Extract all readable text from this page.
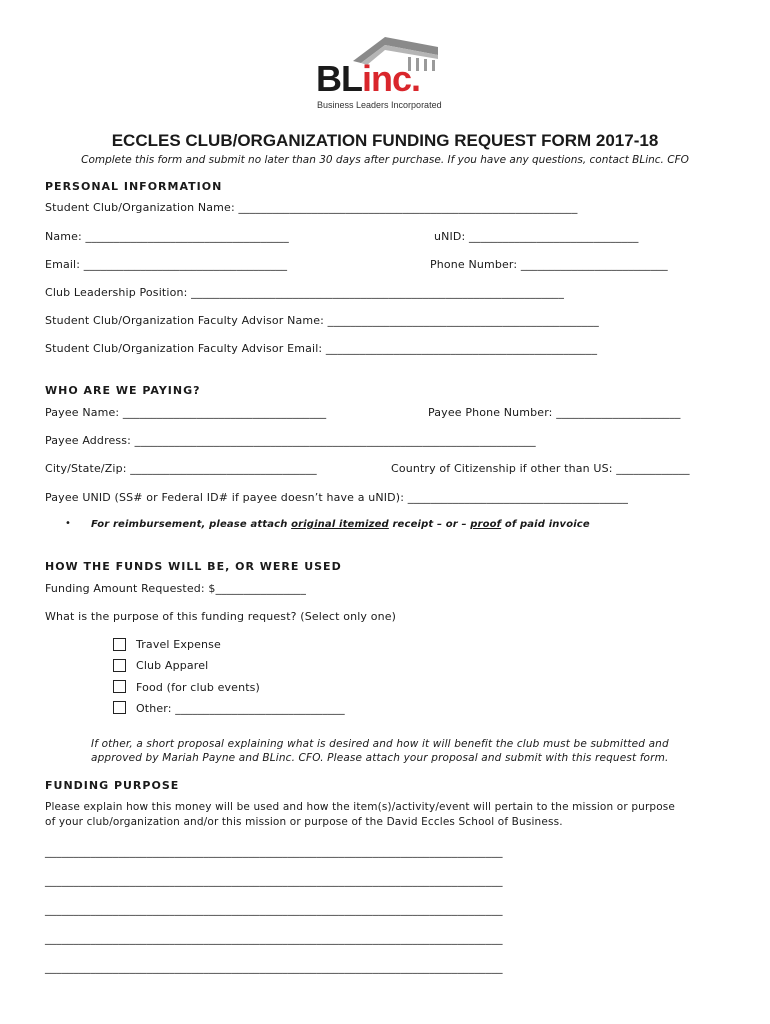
BLinc.
Business Leaders Incorporated
ECCLES CLUB/ORGANIZATION FUNDING REQUEST FORM 2017-18
Complete this form and submit no later than 30 days after purchase. If you have any questions, contact BLinc. CFO
PERSONAL INFORMATION
Student Club/Organization Name: ____________________________________________________________
Name: ____________________________________	uNID: ______________________________
Email: ____________________________________	Phone Number: __________________________
Club Leadership Position: __________________________________________________________________
Student Club/Organization Faculty Advisor Name: ________________________________________________
Student Club/Organization Faculty Advisor Email: ________________________________________________
WHO ARE WE PAYING?
Payee Name: ____________________________________	Payee Phone Number: ______________________
Payee Address: _______________________________________________________________________
City/State/Zip: _________________________________	Country of Citizenship if other than US: _____________
Payee UNID (SS# or Federal ID# if payee doesn’t have a uNID): _______________________________________
• For reimbursement, please attach original itemized receipt – or – proof of paid invoice
HOW THE FUNDS WILL BE, OR WERE USED
Funding Amount Requested: $________________
What is the purpose of this funding request? (Select only one)
Travel Expense
Club Apparel
Food (for club events)
Other: ______________________________
If other, a short proposal explaining what is desired and how it will benefit the club must be submitted and
approved by Mariah Payne and BLinc. CFO. Please attach your proposal and submit with this request form.
FUNDING PURPOSE
Please explain how this money will be used and how the item(s)/activity/event will pertain to the mission or purpose
of your club/organization and/or this mission or purpose of the David Eccles School of Business.
_________________________________________________________________________________
_________________________________________________________________________________
_________________________________________________________________________________
_________________________________________________________________________________
_________________________________________________________________________________
